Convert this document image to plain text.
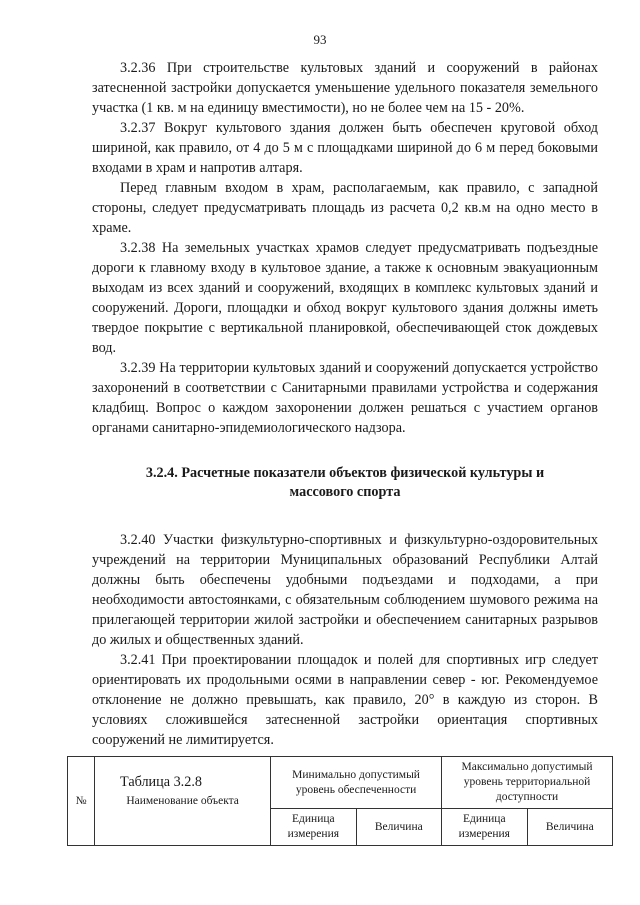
93

3.2.36 При строительстве культовых зданий и сооружений в районах затесненной застройки допускается уменьшение удельного показателя земельного участка (1 кв. м на единицу вместимости), но не более чем на 15 - 20%.

3.2.37 Вокруг культового здания должен быть обеспечен круговой обход шириной, как правило, от 4 до 5 м с площадками шириной до 6 м перед боковыми входами в храм и напротив алтаря.

Перед главным входом в храм, располагаемым, как правило, с западной стороны, следует предусматривать площадь из расчета 0,2 кв.м на одно место в храме.

3.2.38 На земельных участках храмов следует предусматривать подъездные дороги к главному входу в культовое здание, а также к основным эвакуационным выходам из всех зданий и сооружений, входящих в комплекс культовых зданий и сооружений. Дороги, площадки и обход вокруг культового здания должны иметь твердое покрытие с вертикальной планировкой, обеспечивающей сток дождевых вод.

3.2.39 На территории культовых зданий и сооружений допускается устройство захоронений в соответствии с Санитарными правилами устройства и содержания кладбищ. Вопрос о каждом захоронении должен решаться с участием органов органами санитарно-эпидемиологического надзора.

3.2.4. Расчетные показатели объектов физической культуры и
массового спорта

3.2.40 Участки физкультурно-спортивных и физкультурно-оздоровительных учреждений на территории Муниципальных образований Республики Алтай должны быть обеспечены удобными подъездами и подходами, а при необходимости автостоянками, с обязательным соблюдением шумового режима на прилегающей территории жилой застройки и обеспечением санитарных разрывов до жилых и общественных зданий.

3.2.41 При проектировании площадок и полей для спортивных игр следует ориентировать их продольными осями в направлении север - юг. Рекомендуемое отклонение не должно превышать, как правило, 20° в каждую из сторон. В условиях сложившейся затесненной застройки ориентация спортивных сооружений не лимитируется.

Таблица 3.2.8
№	Наименование объекта	Минимально допустимый уровень обеспеченности		Максимально допустимый уровень территориальной доступности	
		Единица измерения	Величина	Единица измерения	Величина
